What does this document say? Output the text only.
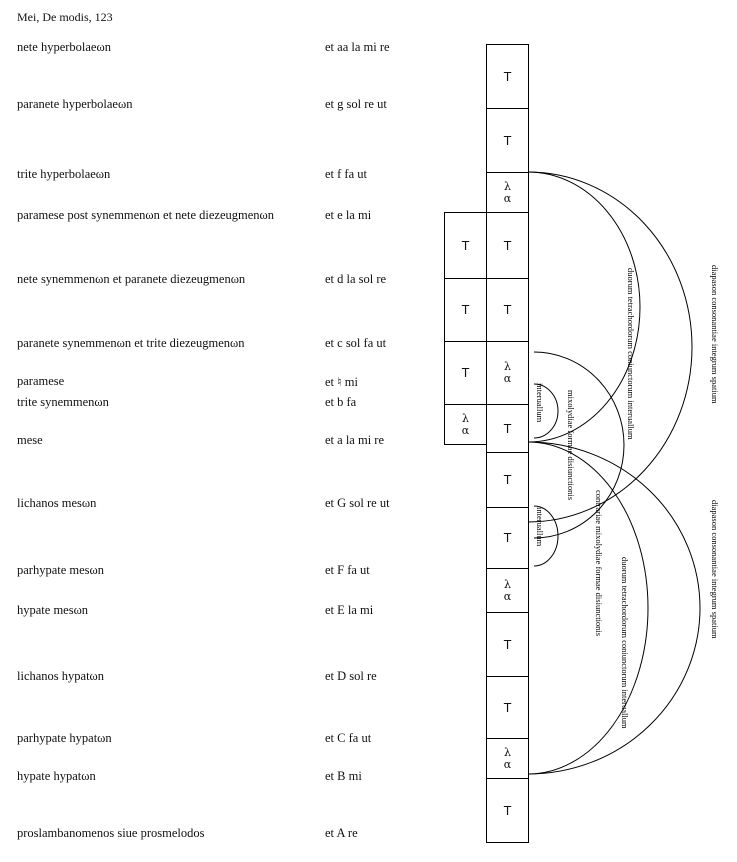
Mei, De modis, 123
nete hyperbolaeωn	et aa la mi re
paranete hyperbolaeωn	et g sol re ut
trite hyperbolaeωn	et f fa ut
paramese post synemmenωn et nete diezeugmenωn	et e la mi
nete synemmenωn et paranete diezeugmenωn	et d la sol re
paranete synemmenωn et trite diezeugmenωn	et c sol fa ut
paramese	et ♮ mi
trite synemmenωn	et b fa
mese	et a la mi re
lichanos mesωn	et G sol re ut
parhypate mesωn	et F fa ut
hypate mesωn	et E la mi
lichanos hypatωn	et D sol re
parhypate hypatωn	et C fa ut
hypate hypatωn	et B mi
proslambanomenos siue prosmelodos	et A re
T
T
λ
α
T
T
λ
α
T
T
T
λ
α
T
T
λ
α
T
T
T
T
λ
α
interuallum mixolydiae formae disiunctionis
interuallum	contrariae mixolydiae formae disiunctionis
duorum tetrachordorum coniunctorum interuallum	diapason consonantiae integrum spatium
duorum tetrachordorum coniunctorum interuallum	diapason consonantiae integrum spatium
